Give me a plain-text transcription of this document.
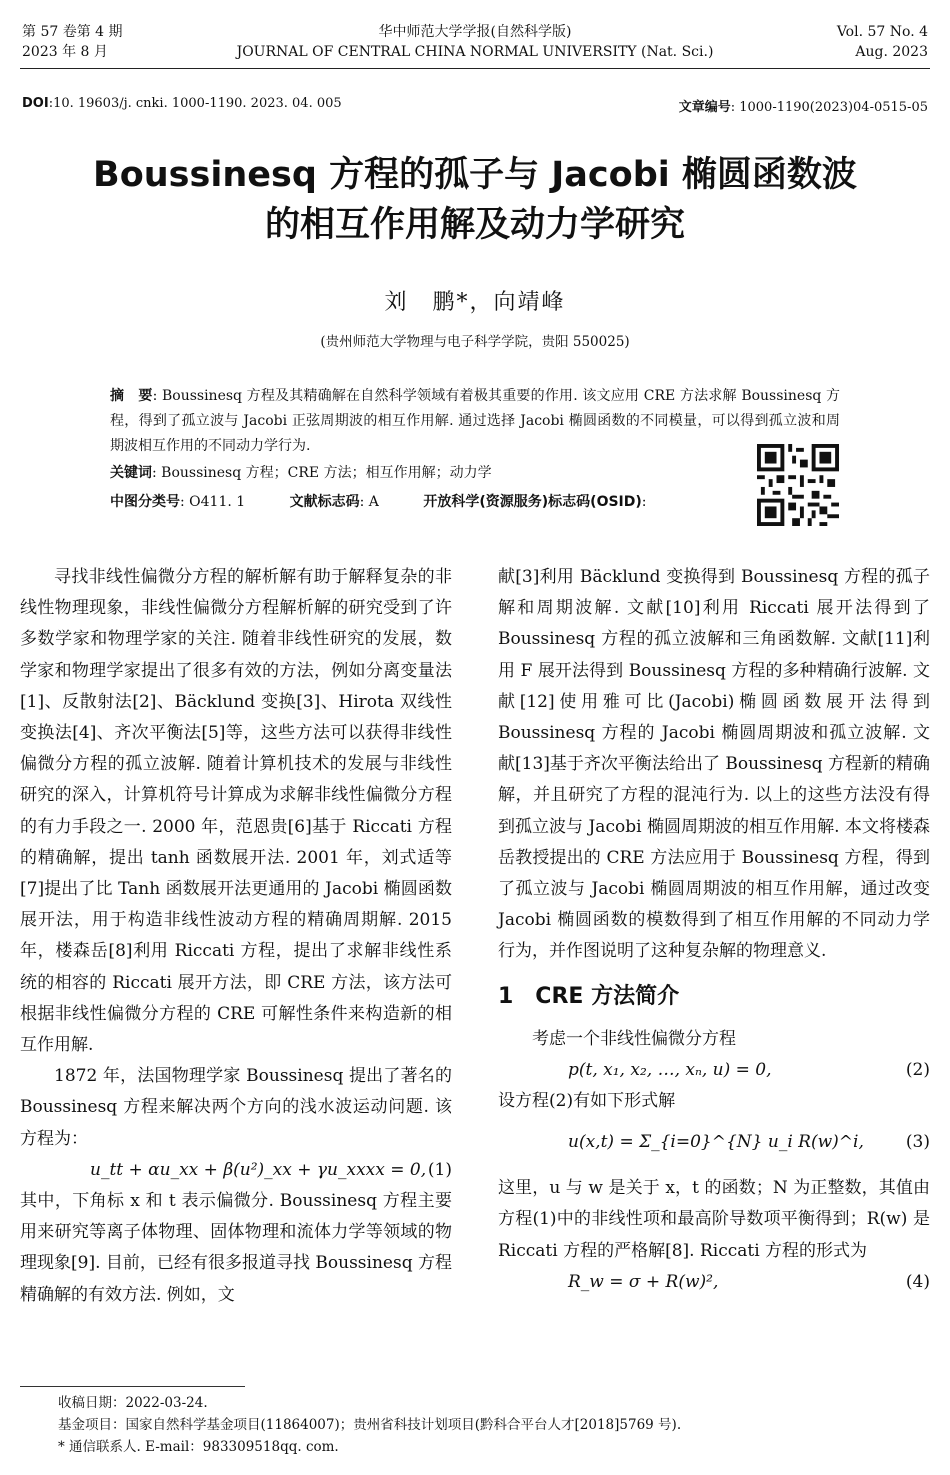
第 57 卷第 4 期
2023 年 8 月
华中师范大学学报(自然科学版)
JOURNAL OF CENTRAL CHINA NORMAL UNIVERSITY (Nat. Sci.)
Vol. 57 No. 4
Aug. 2023
DOI:10. 19603/j. cnki. 1000-1190. 2023. 04. 005	文章编号: 1000-1190(2023)04-0515-05
Boussinesq 方程的孤子与 Jacobi 椭圆函数波
的相互作用解及动力学研究
刘　鹏*，向靖峰
(贵州师范大学物理与电子科学学院，贵阳 550025)
摘　要: Boussinesq 方程及其精确解在自然科学领域有着极其重要的作用. 该文应用 CRE 方法求解 Boussinesq 方程，得到了孤立波与 Jacobi 正弦周期波的相互作用解. 通过选择 Jacobi 椭圆函数的不同模量，可以得到孤立波和周期波相互作用的不同动力学行为.
关键词: Boussinesq 方程；CRE 方法；相互作用解；动力学
中图分类号: O411. 1	文献标志码: A	开放科学(资源服务)标志码(OSID):

寻找非线性偏微分方程的解析解有助于解释复杂的非线性物理现象，非线性偏微分方程解析解的研究受到了许多数学家和物理学家的关注. 随着非线性研究的发展，数学家和物理学家提出了很多有效的方法，例如分离变量法[1]、反散射法[2]、Bäcklund 变换[3]、Hirota 双线性变换法[4]、齐次平衡法[5]等，这些方法可以获得非线性偏微分方程的孤立波解. 随着计算机技术的发展与非线性研究的深入，计算机符号计算成为求解非线性偏微分方程的有力手段之一. 2000 年，范恩贵[6]基于 Riccati 方程的精确解，提出 tanh 函数展开法. 2001 年，刘式适等[7]提出了比 Tanh 函数展开法更通用的 Jacobi 椭圆函数展开法，用于构造非线性波动方程的精确周期解. 2015 年，楼森岳[8]利用 Riccati 方程，提出了求解非线性系统的相容的 Riccati 展开方法，即 CRE 方法，该方法可根据非线性偏微分方程的 CRE 可解性条件来构造新的相互作用解.

1872 年，法国物理学家 Boussinesq 提出了著名的 Boussinesq 方程来解决两个方向的浅水波运动问题. 该方程为：

u_tt + αu_xx + β(u²)_xx + γu_xxxx = 0, (1)

其中，下角标 x 和 t 表示偏微分. Boussinesq 方程主要用来研究等离子体物理、固体物理和流体力学等领域的物理现象[9]. 目前，已经有很多报道寻找 Boussinesq 方程精确解的有效方法. 例如，文

献[3]利用 Bäcklund 变换得到 Boussinesq 方程的孤子解和周期波解. 文献[10]利用 Riccati 展开法得到了 Boussinesq 方程的孤立波解和三角函数解. 文献[11]利用 F 展开法得到 Boussinesq 方程的多种精确行波解. 文献[12]使用雅可比(Jacobi)椭圆函数展开法得到 Boussinesq 方程的 Jacobi 椭圆周期波和孤立波解. 文献[13]基于齐次平衡法给出了 Boussinesq 方程新的精确解，并且研究了方程的混沌行为. 以上的这些方法没有得到孤立波与 Jacobi 椭圆周期波的相互作用解. 本文将楼森岳教授提出的 CRE 方法应用于 Boussinesq 方程，得到了孤立波与 Jacobi 椭圆周期波的相互作用解，通过改变 Jacobi 椭圆函数的模数得到了相互作用解的不同动力学行为，并作图说明了这种复杂解的物理意义.

1　CRE 方法简介

考虑一个非线性偏微分方程

p(t, x₁, x₂, …, xₙ, u) = 0,	(2)

设方程(2)有如下形式解

u(x,t) = Σ_{i=0}^{N} u_i R(w)^i, (3)

这里，u 与 w 是关于 x，t 的函数；N 为正整数，其值由方程(1)中的非线性项和最高阶导数项平衡得到；R(w) 是 Riccati 方程的严格解[8]. Riccati 方程的形式为

R_w = σ + R(w)²,	(4)
收稿日期：2022-03-24.
基金项目：国家自然科学基金项目(11864007)；贵州省科技计划项目(黔科合平台人才[2018]5769 号).
* 通信联系人. E-mail：983309518qq. com.
